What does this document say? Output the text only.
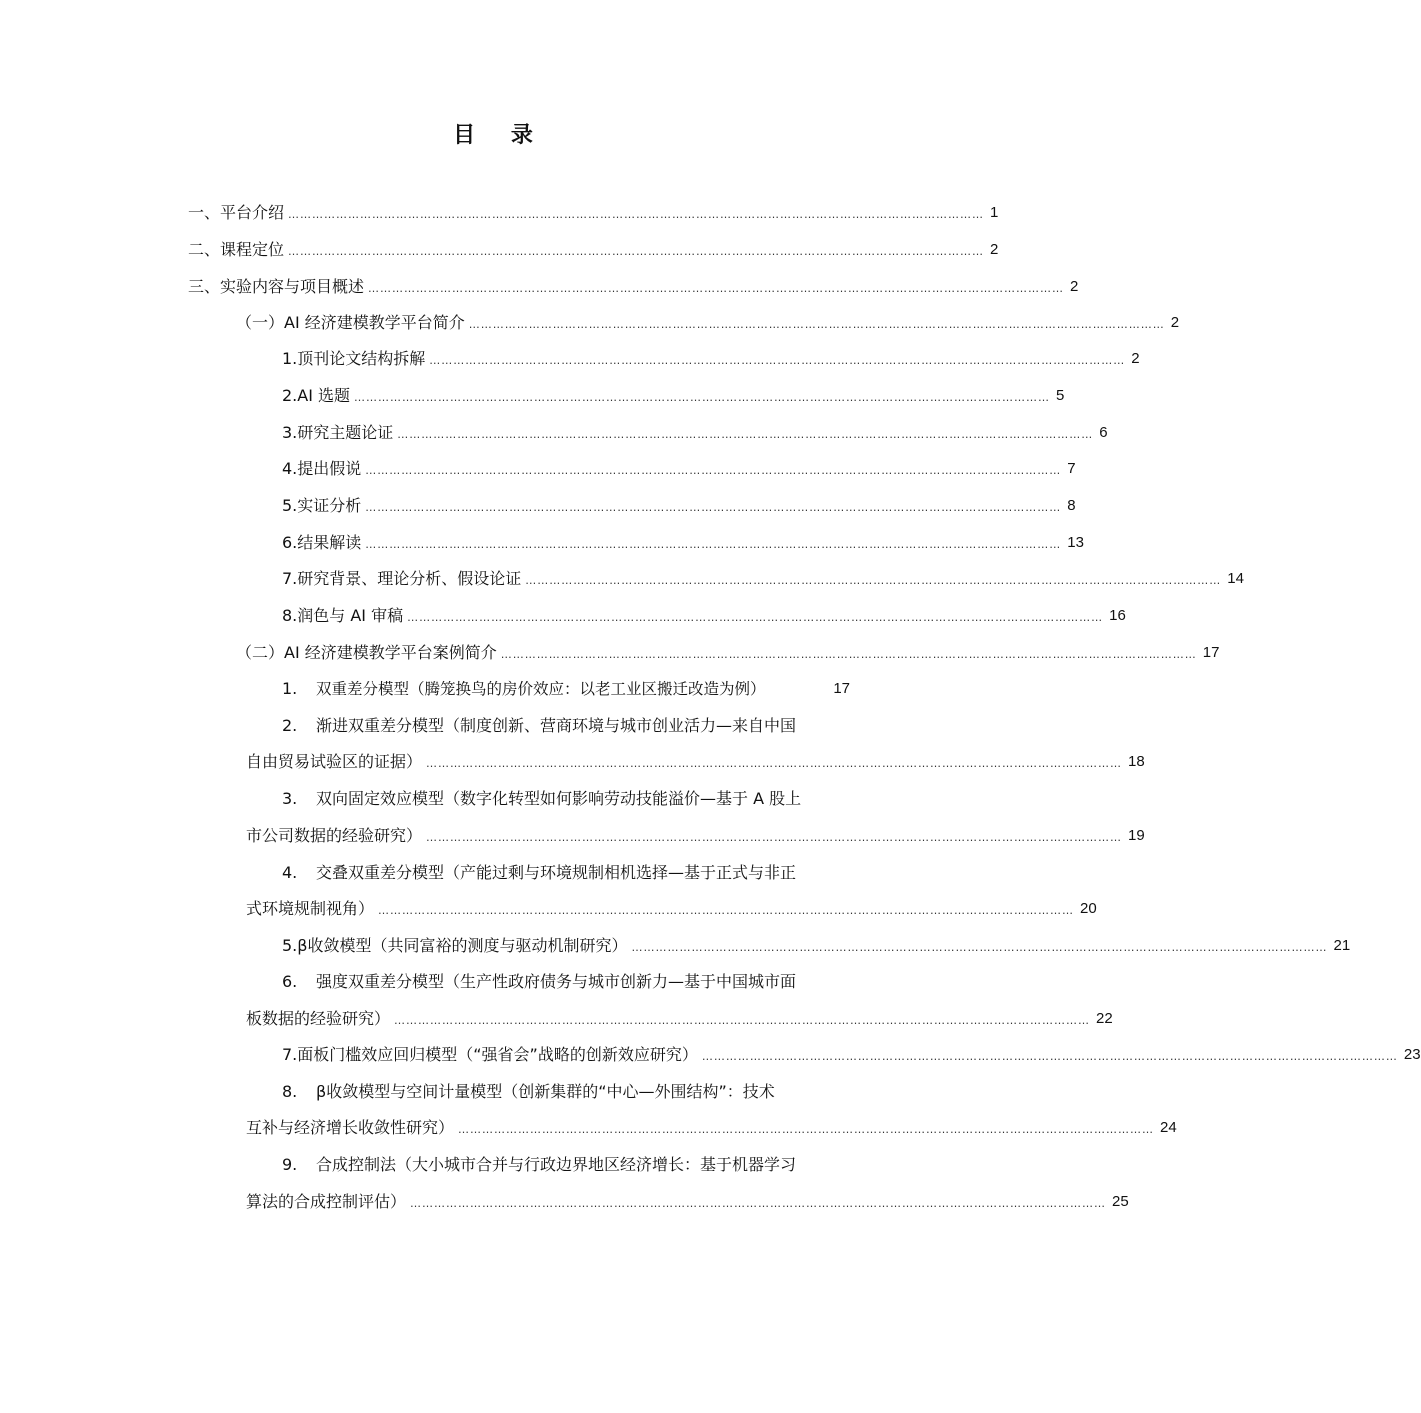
目 录
一、 平台介绍 ………………………………………………………………………………………………………………………………………………………… 1
二、 课程定位 ………………………………………………………………………………………………………………………………………………………… 2
三、 实验内容与项目概述 ………………………………………………………………………………………………………………………………………………………… 2
（一） AI 经济建模教学平台简介 ………………………………………………………………………………………………………………………………………………………… 2
1. 顶刊论文结构拆解 ………………………………………………………………………………………………………………………………………………………… 2
2. AI 选题 ………………………………………………………………………………………………………………………………………………………… 5
3. 研究主题论证 ………………………………………………………………………………………………………………………………………………………… 6
4. 提出假说 ………………………………………………………………………………………………………………………………………………………… 7
5. 实证分析 ………………………………………………………………………………………………………………………………………………………… 8
6. 结果解读 ………………………………………………………………………………………………………………………………………………………… 13
7. 研究背景、理论分析、假设论证 ………………………………………………………………………………………………………………………………………………………… 14
8. 润色与 AI 审稿 ………………………………………………………………………………………………………………………………………………………… 16
（二） AI 经济建模教学平台案例简介 ………………………………………………………………………………………………………………………………………………………… 17
1.	双重差分模型（腾笼换鸟的房价效应：以老工业区搬迁改造为例）	17
2. 渐进双重差分模型（制度创新、营商环境与城市创业活力—来自中国
自由贸易试验区的证据） ………………………………………………………………………………………………………………………………………………………… 18
3. 双向固定效应模型（数字化转型如何影响劳动技能溢价—基于 A 股上
市公司数据的经验研究） ………………………………………………………………………………………………………………………………………………………… 19
4. 交叠双重差分模型（产能过剩与环境规制相机选择—基于正式与非正
式环境规制视角） ………………………………………………………………………………………………………………………………………………………… 20
5. β收敛模型（共同富裕的测度与驱动机制研究） ………………………………………………………………………………………………………………………………………………………… 21
6. 强度双重差分模型（生产性政府债务与城市创新力—基于中国城市面
板数据的经验研究） ………………………………………………………………………………………………………………………………………………………… 22
7. 面板门槛效应回归模型（“强省会”战略的创新效应研究） ………………………………………………………………………………………………………………………………………………………… 23
8. β收敛模型与空间计量模型（创新集群的“中心—外围结构”：技术
互补与经济增长收敛性研究） ………………………………………………………………………………………………………………………………………………………… 24
9. 合成控制法（大小城市合并与行政边界地区经济增长：基于机器学习
算法的合成控制评估） ………………………………………………………………………………………………………………………………………………………… 25
